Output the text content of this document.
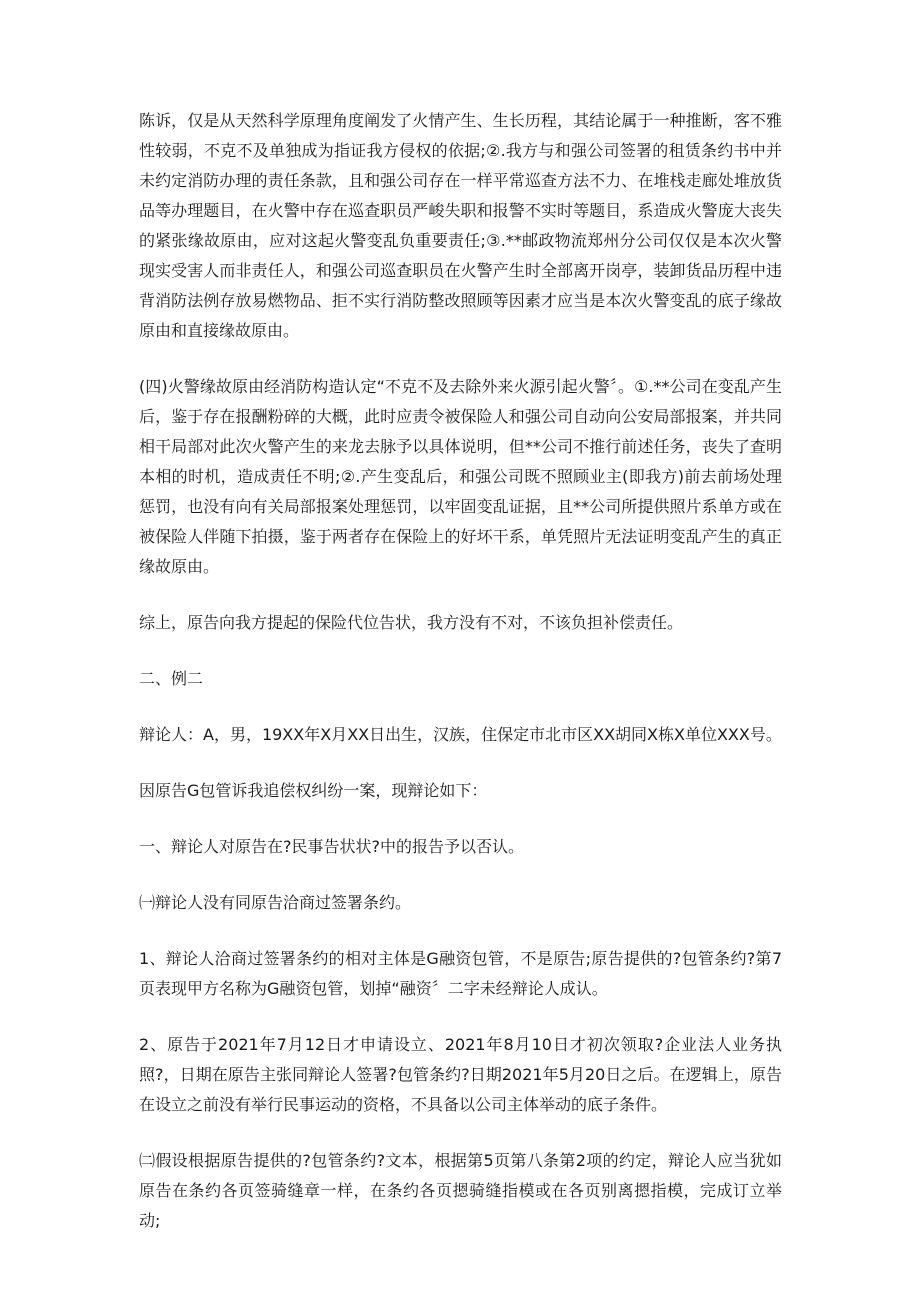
陈诉，仅是从天然科学原理角度阐发了火情产生、生长历程，其结论属于一种推断，客不雅性较弱，不克不及单独成为指证我方侵权的依据;②.我方与和强公司签署的租赁条约书中并未约定消防办理的责任条款，且和强公司存在一样平常巡查方法不力、在堆栈走廊处堆放货品等办理题目，在火警中存在巡查职员严峻失职和报警不实时等题目，系造成火警庞大丧失的紧张缘故原由，应对这起火警变乱负重要责任;③.**邮政物流郑州分公司仅仅是本次火警现实受害人而非责任人，和强公司巡查职员在火警产生时全部离开岗亭，装卸货品历程中违背消防法例存放易燃物品、拒不实行消防整改照顾等因素才应当是本次火警变乱的底子缘故原由和直接缘故原由。

(四)火警缘故原由经消防构造认定“不克不及去除外来火源引起火警〞。①.**公司在变乱产生后，鉴于存在报酬粉碎的大概，此时应责令被保险人和强公司自动向公安局部报案，并共同相干局部对此次火警产生的来龙去脉予以具体说明，但**公司不推行前述任务，丧失了查明本相的时机，造成责任不明;②.产生变乱后，和强公司既不照顾业主(即我方)前去前场处理惩罚，也没有向有关局部报案处理惩罚，以牢固变乱证据，且**公司所提供照片系单方或在被保险人伴随下拍摄，鉴于两者存在保险上的好坏干系，单凭照片无法证明变乱产生的真正缘故原由。

综上，原告向我方提起的保险代位告状，我方没有不对，不该负担补偿责任。

二、例二

辩论人：A，男，19XX年X月XX日出生，汉族，住保定市北市区XX胡同X栋X单位XXX号。

因原告G包管诉我追偿权纠纷一案，现辩论如下：

一、辩论人对原告在?民事告状状?中的报告予以否认。

㈠辩论人没有同原告洽商过签署条约。

1、辩论人洽商过签署条约的相对主体是G融资包管，不是原告;原告提供的?包管条约?第7页表现甲方名称为G融资包管，划掉“融资〞二字未经辩论人成认。

2、原告于2021年7月12日才申请设立、2021年8月10日才初次领取?企业法人业务执照?，日期在原告主张同辩论人签署?包管条约?日期2021年5月20日之后。在逻辑上，原告在设立之前没有举行民事运动的资格，不具备以公司主体举动的底子条件。

㈡假设根据原告提供的?包管条约?文本，根据第5页第八条第2项的约定，辩论人应当犹如原告在条约各页签骑缝章一样，在条约各页摁骑缝指模或在各页别离摁指模，完成订立举动;
